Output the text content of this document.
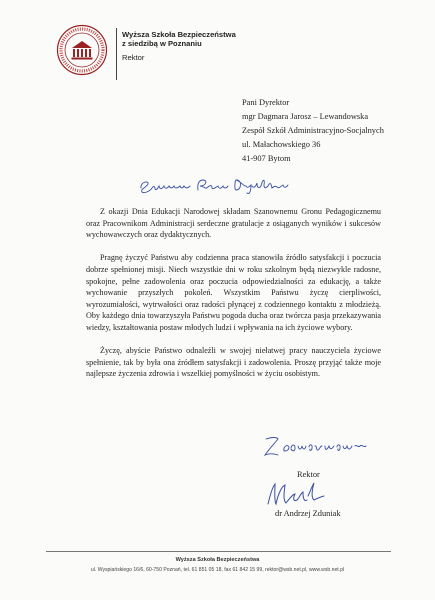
Wyższa Szkoła Bezpieczeństwa
z siedzibą w Poznaniu
Rektor
Pani Dyrektor
mgr Dagmara Jarosz – Lewandowska
Zespół Szkół Administracyjno-Socjalnych
ul. Małachowskiego 36
41-907 Bytom

Z okazji Dnia Edukacji Narodowej składam Szanownemu Gronu Pedagogicznemu oraz Pracownikom Administracji serdeczne gratulacje z osiąganych wyników i sukcesów wychowawczych oraz dydaktycznych.

Pragnę życzyć Państwu aby codzienna praca stanowiła źródło satysfakcji i poczucia dobrze spełnionej misji. Niech wszystkie dni w roku szkolnym będą niezwykle radosne, spokojne, pełne zadowolenia oraz poczucia odpowiedzialności za edukację, a także wychowanie przyszłych pokoleń. Wszystkim Państwu życzę cierpliwości, wyrozumiałości, wytrwałości oraz radości płynącej z codziennego kontaktu z młodzieżą. Oby każdego dnia towarzyszyła Państwu pogoda ducha oraz twórcza pasja przekazywania wiedzy, kształtowania postaw młodych ludzi i wpływania na ich życiowe wybory.

Życzę, abyście Państwo odnaleźli w swojej niełatwej pracy nauczyciela życiowe spełnienie, tak by była ona źródłem satysfakcji i zadowolenia. Proszę przyjąć także moje najlepsze życzenia zdrowia i wszelkiej pomyślności w życiu osobistym.

Rektor
dr Andrzej Zduniak
Wyższa Szkoła Bezpieczeństwa
ul. Wyspiańskiego 16/6, 60-750 Poznań, tel. 61 851 05 18, fax 61 842 15 99, rektor@wsb.net.pl, www.wsb.net.pl
